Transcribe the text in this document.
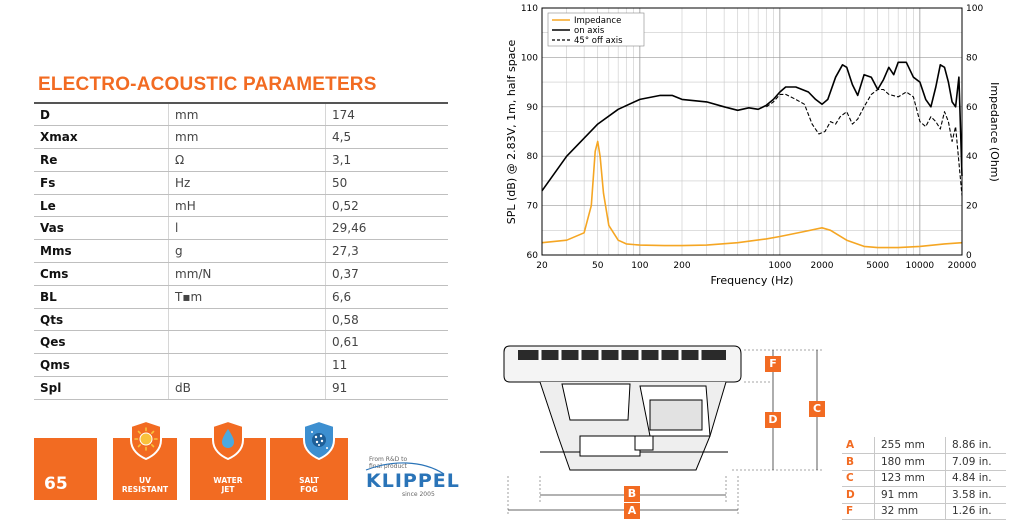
ELECTRO-ACOUSTIC PARAMETERS
D	mm	174
Xmax	mm	4,5
Re	Ω	3,1
Fs	Hz	50
Le	mH	0,52
Vas	l	29,46
Mms	g	27,3
Cms	mm/N	0,37
BL	T▪m	6,6
Qts		0,58
Qes		0,61
Qms		11
Spl	dB	91
IP
65	UV
RESISTANT
WATER
JET
SALT
FOG
From R&D to
final product
KLIPPEL
since 2005
20	50	100	200	1000 2000	5000 10000 20000
60
70
80
90
100
110
0
20
40
60
80
100
Frequency (Hz)
SPL (dB) @ 2.83V, 1m, half space	Impedance (Ohm)
Impedance
on axis
45° off axis
B
A
F
D
C
A	255 mm	8.86 in.
B	180 mm	7.09 in.
C	123 mm	4.84 in.
D	91 mm	3.58 in.
F	32 mm	1.26 in.
